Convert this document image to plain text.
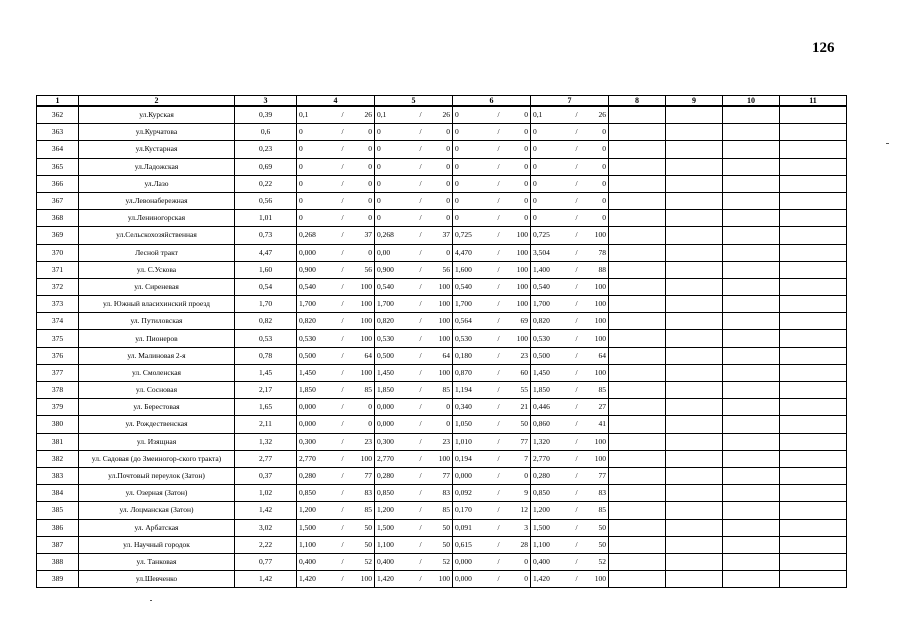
126
1	2	3	4	5	6	7	8	9	10	11
362	ул.Курская	0,39	0,1 / 26	0,1 / 26	0 / 0	0,1 / 26				

363	ул.Курчатова	0,6	0 / 0	0 / 0	0 / 0	0 / 0				

364	ул.Кустарная	0,23	0 / 0	0 / 0	0 / 0	0 / 0				

365	ул.Ладожская	0,69	0 / 0	0 / 0	0 / 0	0 / 0				

366	ул.Лазо	0,22	0 / 0	0 / 0	0 / 0	0 / 0				

367	ул.Левонабережная	0,56	0 / 0	0 / 0	0 / 0	0 / 0				

368	ул.Лениногорская	1,01	0 / 0	0 / 0	0 / 0	0 / 0				

369	ул.Сельскохозяйственная	0,73	0,268 / 37	0,268 / 37	0,725 / 100	0,725 / 100				

370	Лесной тракт	4,47	0,000 / 0	0,00 / 0	4,470 / 100	3,504 / 78				

371	ул. С.Ускова	1,60	0,900 / 56	0,900 / 56	1,600 / 100	1,400 / 88				

372	ул. Сиреневая	0,54	0,540 / 100	0,540 / 100	0,540 / 100	0,540 / 100				

373	ул. Южный власихинский проезд	1,70	1,700 / 100	1,700 / 100	1,700 / 100	1,700 / 100				

374	ул. Путиловская	0,82	0,820 / 100	0,820 / 100	0,564 / 69	0,820 / 100				

375	ул. Пионеров	0,53	0,530 / 100	0,530 / 100	0,530 / 100	0,530 / 100				

376	ул. Малиновая 2-я	0,78	0,500 / 64	0,500 / 64	0,180 / 23	0,500 / 64				

377	ул. Смоленская	1,45	1,450 / 100	1,450 / 100	0,870 / 60	1,450 / 100				

378	ул. Сосновая	2,17	1,850 / 85	1,850 / 85	1,194 / 55	1,850 / 85				

379	ул. Берестовая	1,65	0,000 / 0	0,000 / 0	0,340 / 21	0,446 / 27				

380	ул. Рождественская	2,11	0,000 / 0	0,000 / 0	1,050 / 50	0,860 / 41				

381	ул. Изящная	1,32	0,300 / 23	0,300 / 23	1,010 / 77	1,320 / 100				

382	ул. Садовая (до Змеиногор-ского тракта)	2,77	2,770 / 100	2,770 / 100	0,194 / 7	2,770 / 100				

383	ул.Почтовый переулок (Затон)	0,37	0,280 / 77	0,280 / 77	0,000 / 0	0,280 / 77				

384	ул. Озерная (Затон)	1,02	0,850 / 83	0,850 / 83	0,092 / 9	0,850 / 83				

385	ул. Лоцманская (Затон)	1,42	1,200 / 85	1,200 / 85	0,170 / 12	1,200 / 85				

386	ул. Арбатская	3,02	1,500 / 50	1,500 / 50	0,091 / 3	1,500 / 50				

387	ул. Научный городок	2,22	1,100 / 50	1,100 / 50	0,615 / 28	1,100 / 50				

388	ул. Танковая	0,77	0,400 / 52	0,400 / 52	0,000 / 0	0,400 / 52				

389	ул.Шевченко	1,42	1,420 / 100	1,420 / 100	0,000 / 0	1,420 / 100				
